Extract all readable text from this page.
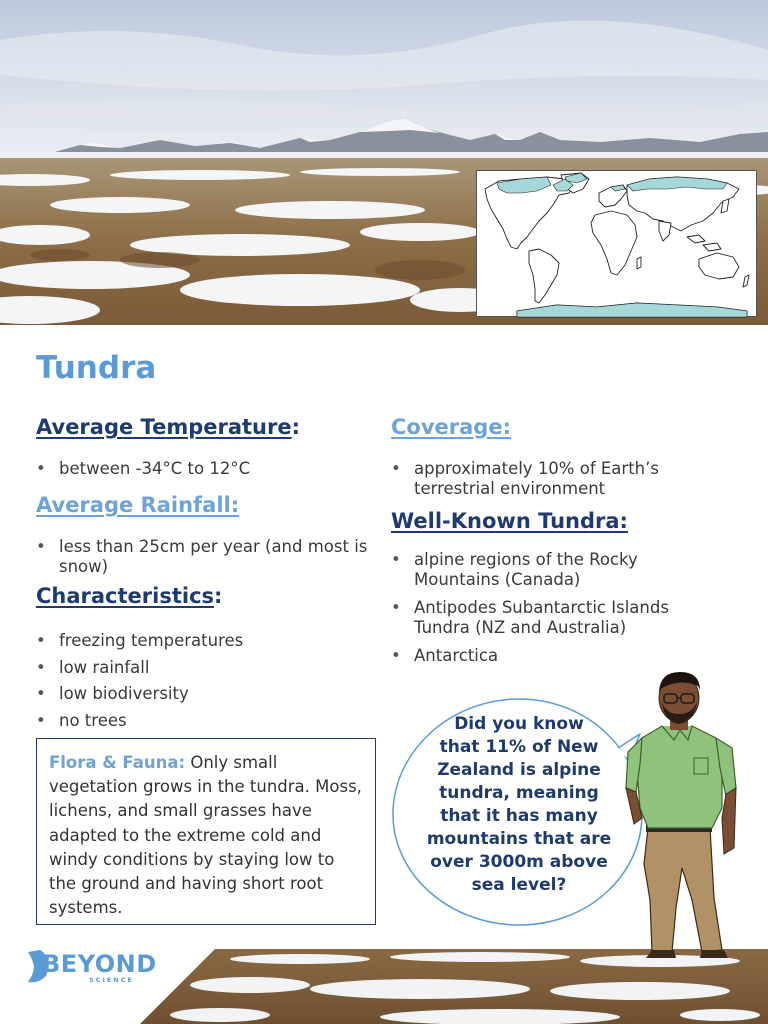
Tundra
Average Temperature:
• between -34°C to 12°C
Average Rainfall:
• less than 25cm per year (and most is snow)
Characteristics:
• freezing temperatures
• low rainfall
• low biodiversity
• no trees
Coverage:
• approximately 10% of Earth’s terrestrial environment
Well-Known Tundra:
• alpine regions of the Rocky Mountains (Canada)
• Antipodes Subantarctic Islands Tundra (NZ and Australia)
• Antarctica
Flora & Fauna: Only small vegetation grows in the tundra. Moss, lichens, and small grasses have adapted to the extreme cold and windy conditions by staying low to the ground and having short root systems.
Did you know
that 11% of New
Zealand is alpine
tundra, meaning
that it has many
mountains that are
over 3000m above
sea level?
BEYOND
SCIENCE
